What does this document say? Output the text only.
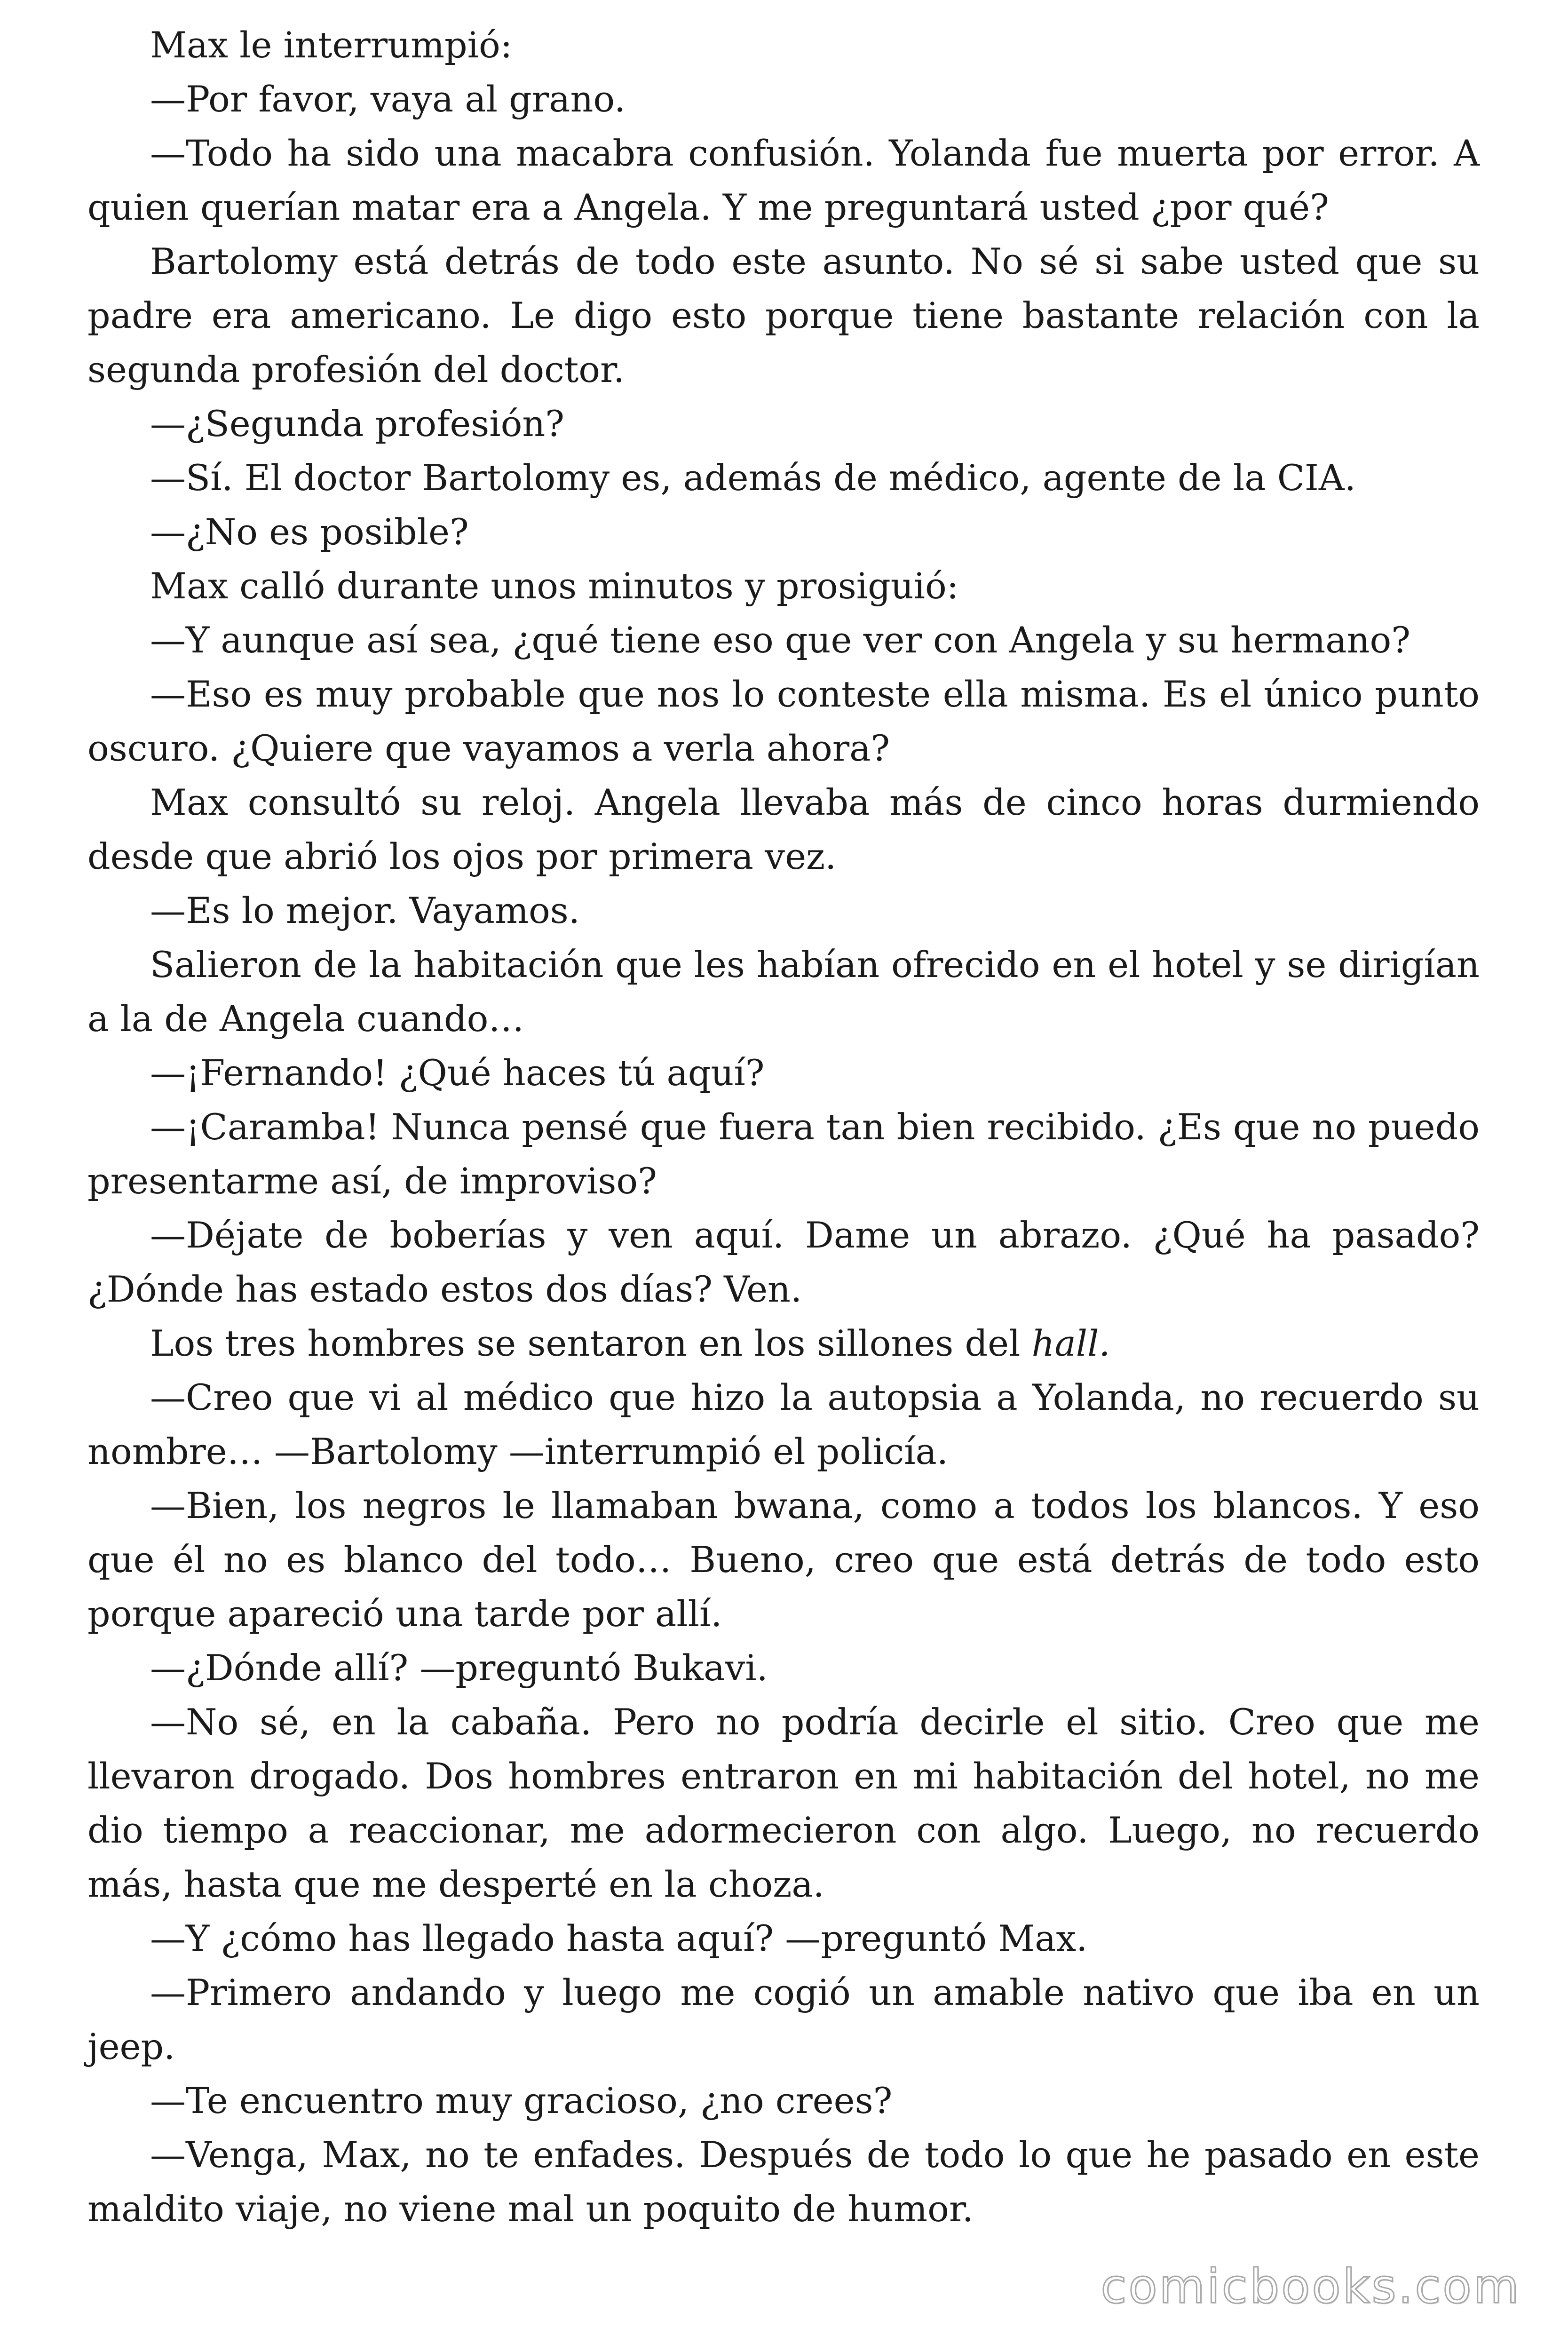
Max le interrumpió:

—Por favor, vaya al grano.

—Todo ha sido una macabra confusión. Yolanda fue muerta por error. A quien querían matar era a Angela. Y me preguntará usted ¿por qué?

Bartolomy está detrás de todo este asunto. No sé si sabe usted que su padre era americano. Le digo esto porque tiene bastante relación con la segunda profesión del doctor.

—¿Segunda profesión?

—Sí. El doctor Bartolomy es, además de médico, agente de la CIA.

—¿No es posible?

Max calló durante unos minutos y prosiguió:

—Y aunque así sea, ¿qué tiene eso que ver con Angela y su hermano?

—Eso es muy probable que nos lo conteste ella misma. Es el único punto oscuro. ¿Quiere que vayamos a verla ahora?

Max consultó su reloj. Angela llevaba más de cinco horas durmiendo desde que abrió los ojos por primera vez.

—Es lo mejor. Vayamos.

Salieron de la habitación que les habían ofrecido en el hotel y se dirigían a la de Angela cuando…

—¡Fernando! ¿Qué haces tú aquí?

—¡Caramba! Nunca pensé que fuera tan bien recibido. ¿Es que no puedo presentarme así, de improviso?

—Déjate de boberías y ven aquí. Dame un abrazo. ¿Qué ha pasado? ¿Dónde has estado estos dos días? Ven.

Los tres hombres se sentaron en los sillones del hall.

—Creo que vi al médico que hizo la autopsia a Yolanda, no recuerdo su nombre… —Bartolomy —interrumpió el policía.

—Bien, los negros le llamaban bwana, como a todos los blancos. Y eso que él no es blanco del todo… Bueno, creo que está detrás de todo esto porque apareció una tarde por allí.

—¿Dónde allí? —preguntó Bukavi.

—No sé, en la cabaña. Pero no podría decirle el sitio. Creo que me llevaron drogado. Dos hombres entraron en mi habitación del hotel, no me dio tiempo a reaccionar, me adormecieron con algo. Luego, no recuerdo más, hasta que me desperté en la choza.

—Y ¿cómo has llegado hasta aquí? —preguntó Max.

—Primero andando y luego me cogió un amable nativo que iba en un jeep.

—Te encuentro muy gracioso, ¿no crees?

—Venga, Max, no te enfades. Después de todo lo que he pasado en este maldito viaje, no viene mal un poquito de humor.

comicbooks.com
